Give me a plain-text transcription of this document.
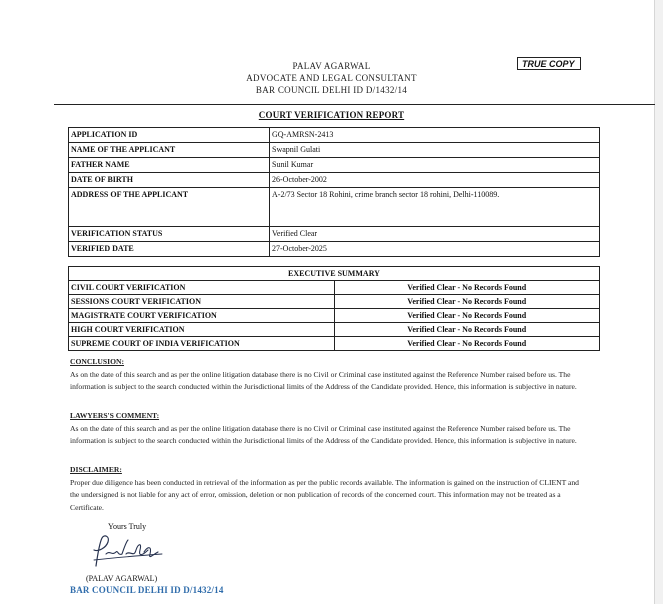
PALAV AGARWAL
ADVOCATE AND LEGAL CONSULTANT
BAR COUNCIL DELHI ID D/1432/14
TRUE COPY
COURT VERIFICATION REPORT
APPLICATION ID	GQ-AMRSN-2413
NAME OF THE APPLICANT	Swapnil Gulati
FATHER NAME	Sunil Kumar
DATE OF BIRTH	26-October-2002
ADDRESS OF THE APPLICANT	A-2/73 Sector 18 Rohini, crime branch sector 18 rohini, Delhi-110089.
VERIFICATION STATUS	Verified Clear
VERIFIED DATE	27-October-2025
EXECUTIVE SUMMARY	
CIVIL COURT VERIFICATION	Verified Clear - No Records Found
SESSIONS COURT VERIFICATION	Verified Clear - No Records Found
MAGISTRATE COURT VERIFICATION	Verified Clear - No Records Found
HIGH COURT VERIFICATION	Verified Clear - No Records Found
SUPREME COURT OF INDIA VERIFICATION	Verified Clear - No Records Found
CONCLUSION:
As on the date of this search and as per the online litigation database there is no Civil or Criminal case instituted against the Reference Number raised before us. The information is subject to the search conducted within the Jurisdictional limits of the Address of the Candidate provided. Hence, this information is subjective in nature.
LAWYERS'S COMMENT:
As on the date of this search and as per the online litigation database there is no Civil or Criminal case instituted against the Reference Number raised before us. The information is subject to the search conducted within the Jurisdictional limits of the Address of the Candidate provided. Hence, this information is subjective in nature.
DISCLAIMER:
Proper due diligence has been conducted in retrieval of the information as per the public records available. The information is gained on the instruction of CLIENT and the undersigned is not liable for any act of error, omission, deletion or non publication of records of the concerned court. This information may not be treated as a Certificate.
Yours Truly
(PALAV AGARWAL)
BAR COUNCIL DELHI ID D/1432/14
